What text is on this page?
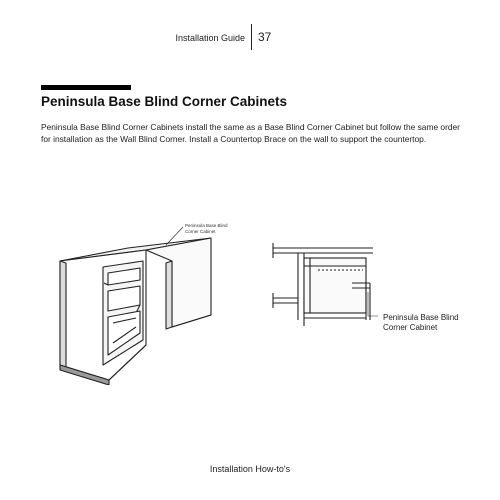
Installation Guide 37
Peninsula Base Blind Corner Cabinets
Peninsula Base Blind Corner Cabinets install the same as a Base Blind Corner Cabinet but follow the same order for installation as the Wall Blind Corner. Install a Countertop Brace on the wall to support the countertop.
Peninsula Base Blind
Corner Cabinet
Peninsula Base Blind
Corner Cabinet
Installation How-to's
